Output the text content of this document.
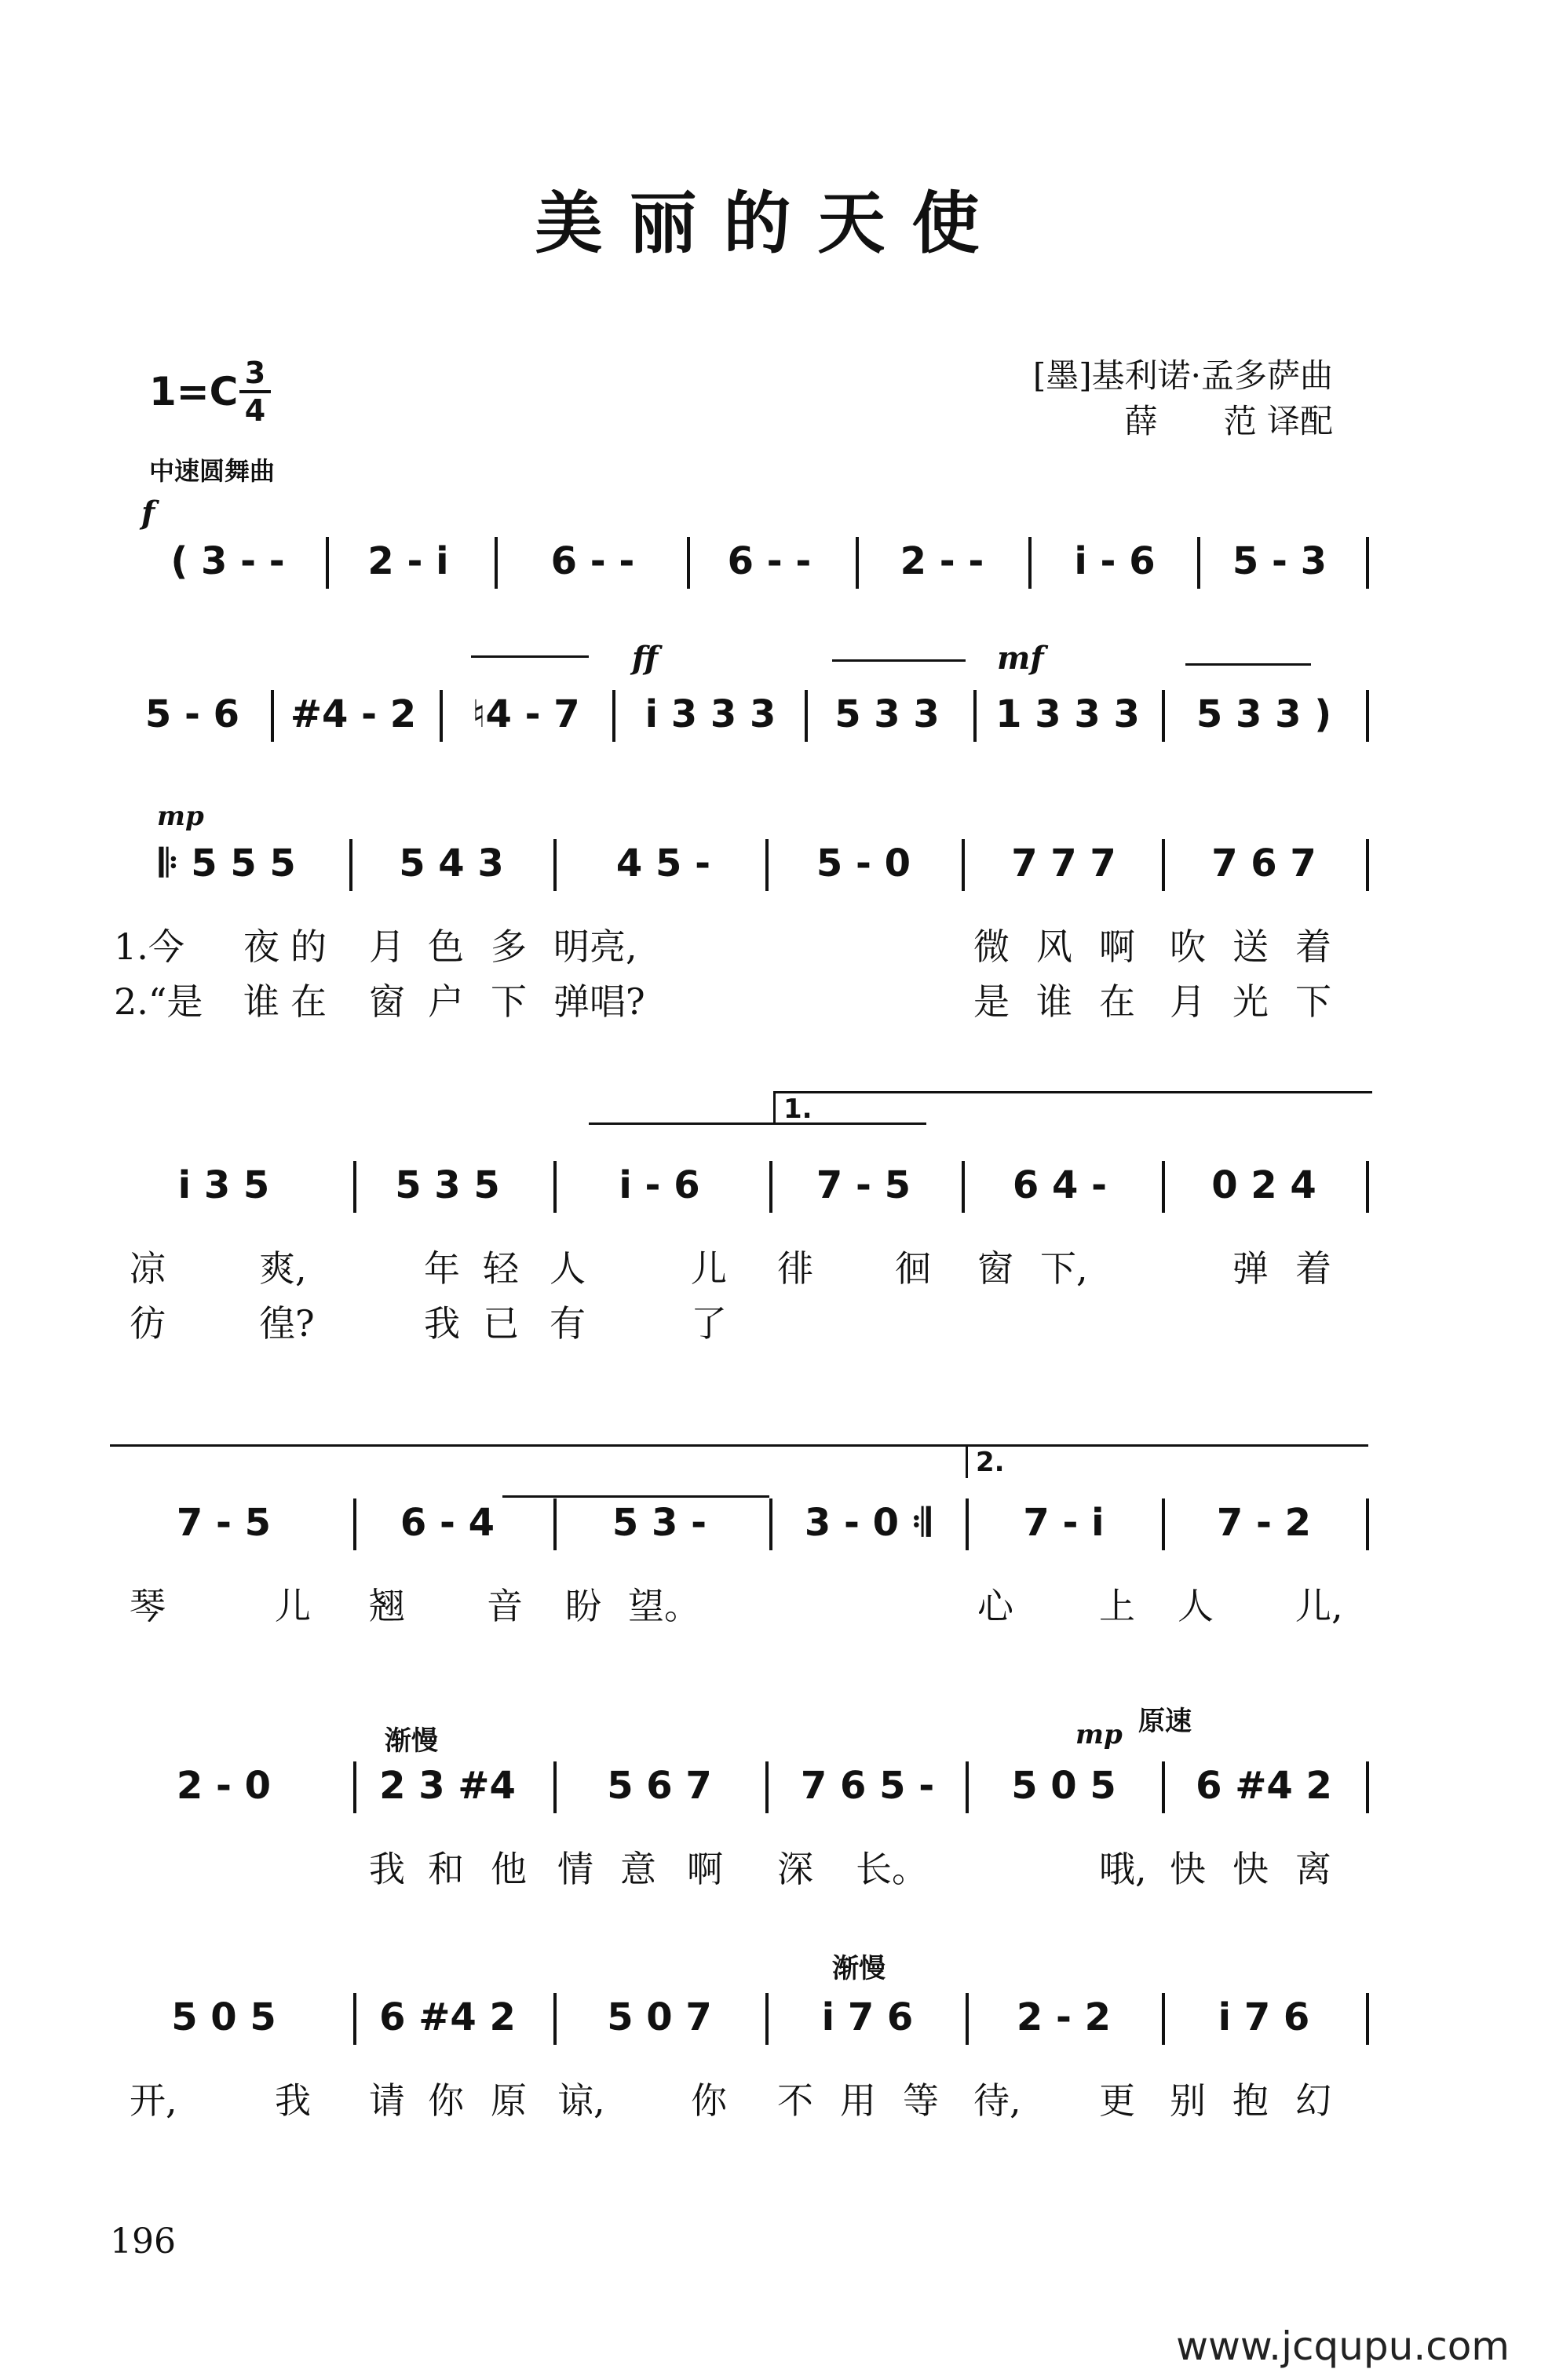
美丽的天使
1=C 3
4
[墨]基利诺·孟多萨曲
薛　　范 译配
中速圆舞曲
f
ff	mf
mp
mp
渐慢
原速
渐慢
1.
2.
( 3 - -	2 - i	6 - -	6 - -	2 - -	i - 6	5 - 3
5 - 6	#4 - 2	♮4 - 7	i 3 3 3	5 3 3	1 3 3 3	5 3 3 )
𝄆 5 5 5	5 4 3	4 5 -	5 - 0	7 7 7	7 6 7
1.今 夜 的 月 色 多 明亮,	微 风 啊 吹 送 着
2.“是 谁 在 窗 户 下 弹唱?	是 谁 在 月 光 下
i 3 5	5 3 5	i - 6	7 - 5	6 4 -	0 2 4
凉	爽,	年 轻 人	儿 徘 徊 窗 下,	弹 着
彷	徨?	我 已 有	了
7 - 5	6 - 4	5 3 -	3 - 0 𝄇	7 - i	7 - 2
琴	儿 翘 音 盼 望。	心 上 人 儿,
2 - 0	2 3 #4	5 6 7	7 6 5 -	5 0 5	6 #4 2
我 和 他 情 意 啊 深 长。	哦, 快 快 离
5 0 5	6 #4 2	5 0 7	i 7 6	2 - 2	i 7 6
开,	我 请 你 原 谅, 你 不 用 等 待, 更 别 抱 幻
196
www.jcqupu.com
